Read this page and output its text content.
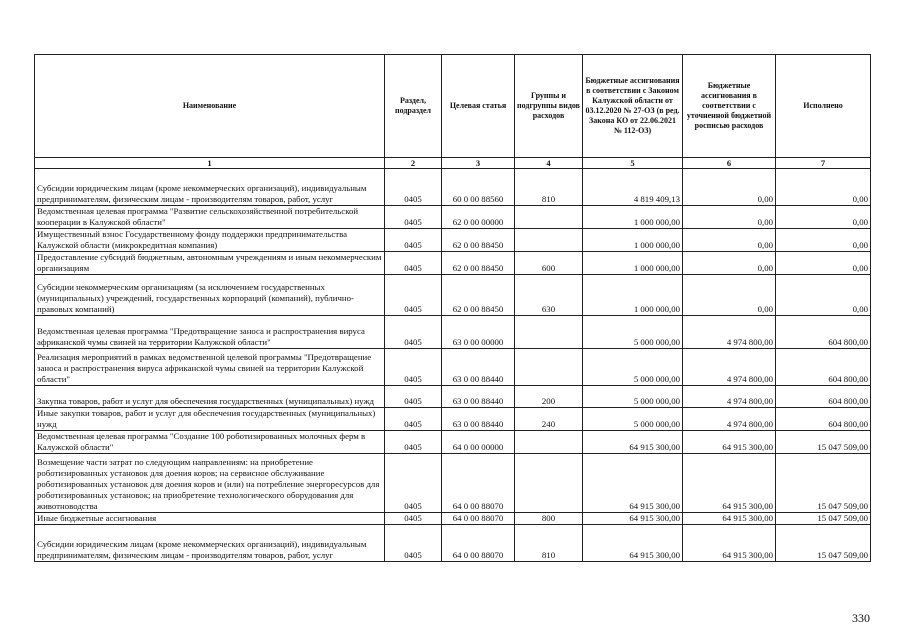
Наименование	Раздел, подраздел	Целевая статья	Группы и подгруппы видов расходов	Бюджетные ассигнования в соответствии с Законом Калужской области от 03.12.2020 № 27-ОЗ (в ред. Закона КО от 22.06.2021 № 112-ОЗ)	Бюджетные ассигнования в соответствии с уточненной бюджетной росписью расходов	Исполнено
1	2	3	4	5	6	7
Субсидии юридическим лицам (кроме некоммерческих организаций), индивидуальным предпринимателям, физическим лицам - производителям товаров, работ, услуг	0405	60 0 00 88560	810	4 819 409,13	0,00	0,00
Ведомственная целевая программа "Развитие сельскохозяйственной потребительской кооперации в Калужской области"	0405	62 0 00 00000		1 000 000,00	0,00	0,00
Имущественный взнос Государственному фонду поддержки предпринимательства Калужской области (микрокредитная компания)	0405	62 0 00 88450		1 000 000,00	0,00	0,00
Предоставление субсидий бюджетным, автономным учреждениям и иным некоммерческим организациям	0405	62 0 00 88450	600	1 000 000,00	0,00	0,00
Субсидии некоммерческим организациям (за исключением государственных (муниципальных) учреждений, государственных корпораций (компаний), публично-правовых компаний)	0405	62 0 00 88450	630	1 000 000,00	0,00	0,00
Ведомственная целевая программа "Предотвращение заноса и распространения вируса африканской чумы свиней на территории Калужской области"	0405	63 0 00 00000		5 000 000,00	4 974 800,00	604 800,00
Реализация мероприятий в рамках ведомственной целевой программы "Предотвращение заноса и распространения вируса африканской чумы свиней на территории Калужской области"	0405	63 0 00 88440		5 000 000,00	4 974 800,00	604 800,00
Закупка товаров, работ и услуг для обеспечения государственных (муниципальных) нужд	0405	63 0 00 88440	200	5 000 000,00	4 974 800,00	604 800,00
Иные закупки товаров, работ и услуг для обеспечения государственных (муниципальных) нужд	0405	63 0 00 88440	240	5 000 000,00	4 974 800,00	604 800,00
Ведомственная целевая программа "Создание 100 роботизированных молочных ферм в Калужской области"	0405	64 0 00 00000		64 915 300,00	64 915 300,00	15 047 509,00
Возмещение части затрат по следующим направлениям: на приобретение роботизированных установок для доения коров; на сервисное обслуживание роботизированных установок для доения коров и (или) на потребление энергоресурсов для роботизированных установок; на приобретение технологического оборудования для животноводства	0405	64 0 00 88070		64 915 300,00	64 915 300,00	15 047 509,00
Иные бюджетные ассигнования	0405	64 0 00 88070	800	64 915 300,00	64 915 300,00	15 047 509,00
Субсидии юридическим лицам (кроме некоммерческих организаций), индивидуальным предпринимателям, физическим лицам - производителям товаров, работ, услуг	0405	64 0 00 88070	810	64 915 300,00	64 915 300,00	15 047 509,00
330
